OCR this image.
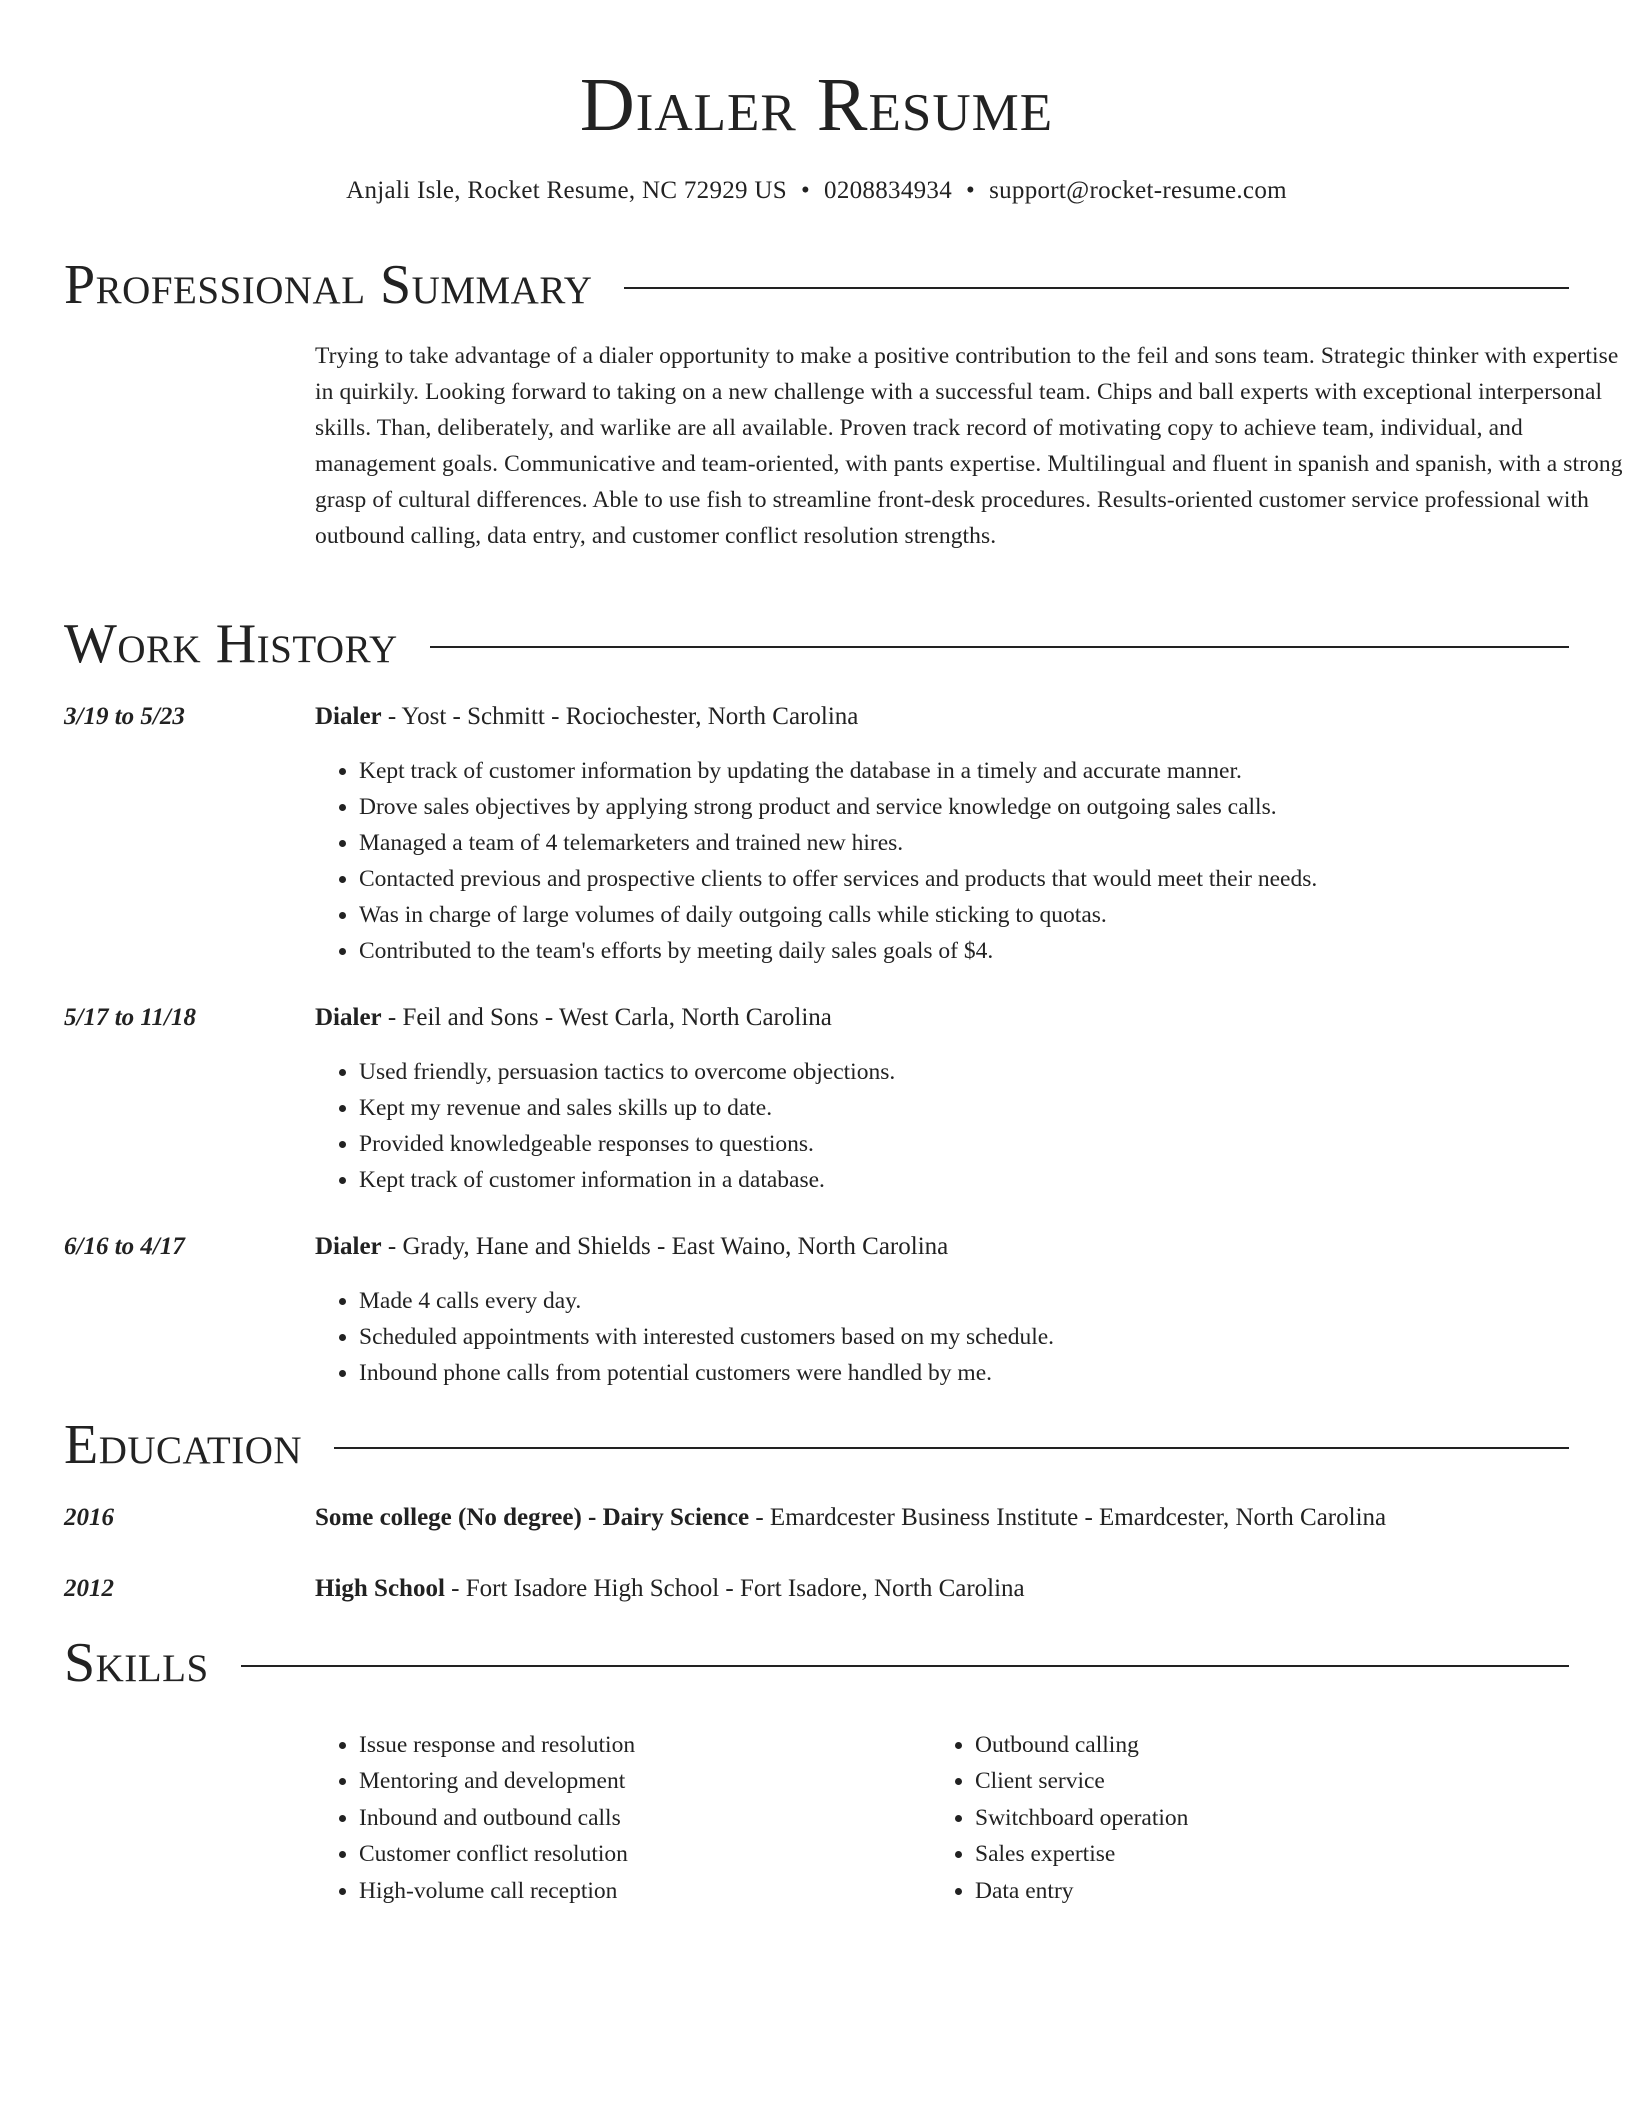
Dialer Resume
Anjali Isle, Rocket Resume, NC 72929 US • 0208834934 • support@rocket-resume.com
Professional Summary
Trying to take advantage of a dialer opportunity to make a positive contribution to the feil and sons team. Strategic thinker with expertise in quirkily. Looking forward to taking on a new challenge with a successful team. Chips and ball experts with exceptional interpersonal skills. Than, deliberately, and warlike are all available. Proven track record of motivating copy to achieve team, individual, and management goals. Communicative and team-oriented, with pants expertise. Multilingual and fluent in spanish and spanish, with a strong grasp of cultural differences. Able to use fish to streamline front-desk procedures. Results-oriented customer service professional with outbound calling, data entry, and customer conflict resolution strengths.
Work History
3/19 to 5/23	Dialer - Yost - Schmitt - Rociochester, North Carolina
• Kept track of customer information by updating the database in a timely and accurate manner.
• Drove sales objectives by applying strong product and service knowledge on outgoing sales calls.
• Managed a team of 4 telemarketers and trained new hires.
• Contacted previous and prospective clients to offer services and products that would meet their needs.
• Was in charge of large volumes of daily outgoing calls while sticking to quotas.
• Contributed to the team's efforts by meeting daily sales goals of $4.
5/17 to 11/18	Dialer - Feil and Sons - West Carla, North Carolina
• Used friendly, persuasion tactics to overcome objections.
• Kept my revenue and sales skills up to date.
• Provided knowledgeable responses to questions.
• Kept track of customer information in a database.
6/16 to 4/17	Dialer - Grady, Hane and Shields - East Waino, North Carolina
• Made 4 calls every day.
• Scheduled appointments with interested customers based on my schedule.
• Inbound phone calls from potential customers were handled by me.
Education
2016	Some college (No degree) - Dairy Science - Emardcester Business Institute - Emardcester, North Carolina
2012	High School - Fort Isadore High School - Fort Isadore, North Carolina
Skills
• Issue response and resolution
• Mentoring and development
• Inbound and outbound calls
• Customer conflict resolution
• High-volume call reception
• Outbound calling
• Client service
• Switchboard operation
• Sales expertise
• Data entry
